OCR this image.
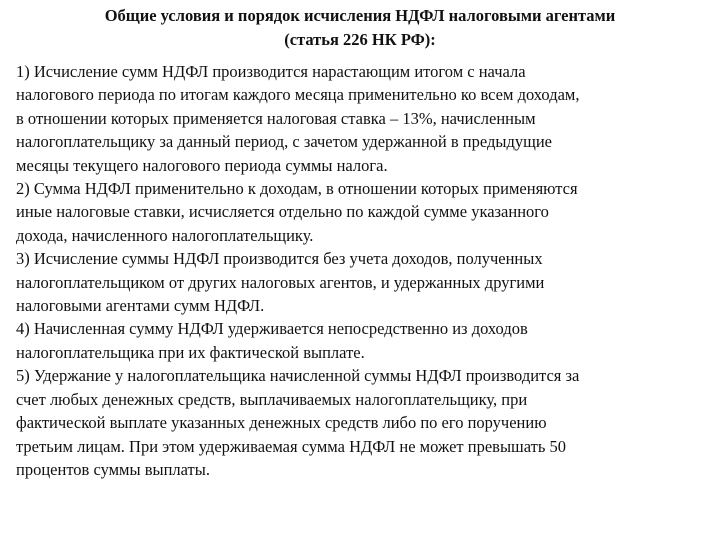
Общие условия и порядок исчисления НДФЛ налоговыми агентами
(статья 226 НК РФ):
1) Исчисление сумм НДФЛ производится нарастающим итогом с начала
налогового периода по итогам каждого месяца применительно ко всем доходам,
в отношении которых применяется налоговая ставка – 13%, начисленным
налогоплательщику за данный период, с зачетом удержанной в предыдущие
месяцы текущего налогового периода суммы налога.
2) Сумма НДФЛ применительно к доходам, в отношении которых применяются
иные налоговые ставки, исчисляется отдельно по каждой сумме указанного
дохода, начисленного налогоплательщику.
3) Исчисление суммы НДФЛ производится без учета доходов, полученных
налогоплательщиком от других налоговых агентов, и удержанных другими
налоговыми агентами сумм НДФЛ.
4) Начисленная сумму НДФЛ удерживается непосредственно из доходов
налогоплательщика при их фактической выплате.
5) Удержание у налогоплательщика начисленной суммы НДФЛ производится за
счет любых денежных средств, выплачиваемых налогоплательщику, при
фактической выплате указанных денежных средств либо по его поручению
третьим лицам. При этом удерживаемая сумма НДФЛ не может превышать 50
процентов суммы выплаты.
